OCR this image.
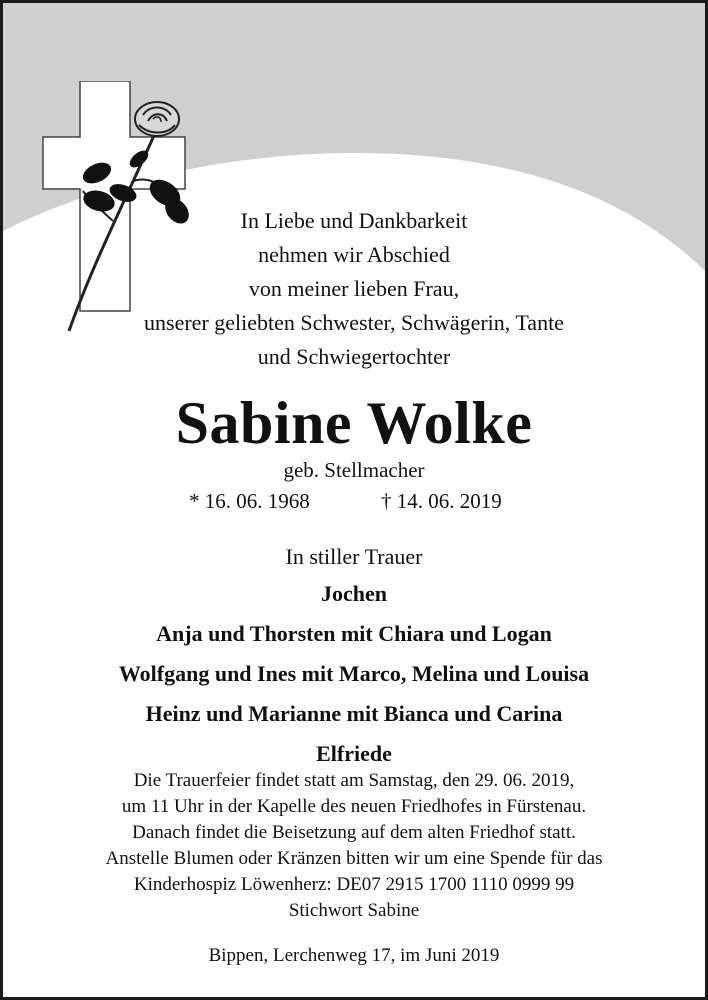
In Liebe und Dankbarkeit
nehmen wir Abschied
von meiner lieben Frau,
unserer geliebten Schwester, Schwägerin, Tante
und Schwiegertochter
Sabine Wolke
geb. Stellmacher
* 16. 06. 1968	† 14. 06. 2019
In stiller Trauer
Jochen
Anja und Thorsten mit Chiara und Logan
Wolfgang und Ines mit Marco, Melina und Louisa
Heinz und Marianne mit Bianca und Carina
Elfriede
Die Trauerfeier findet statt am Samstag, den 29. 06. 2019,
um 11 Uhr in der Kapelle des neuen Friedhofes in Fürstenau.
Danach findet die Beisetzung auf dem alten Friedhof statt.
Anstelle Blumen oder Kränzen bitten wir um eine Spende für das
Kinderhospiz Löwenherz: DE07 2915 1700 1110 0999 99
Stichwort Sabine
Bippen, Lerchenweg 17, im Juni 2019
